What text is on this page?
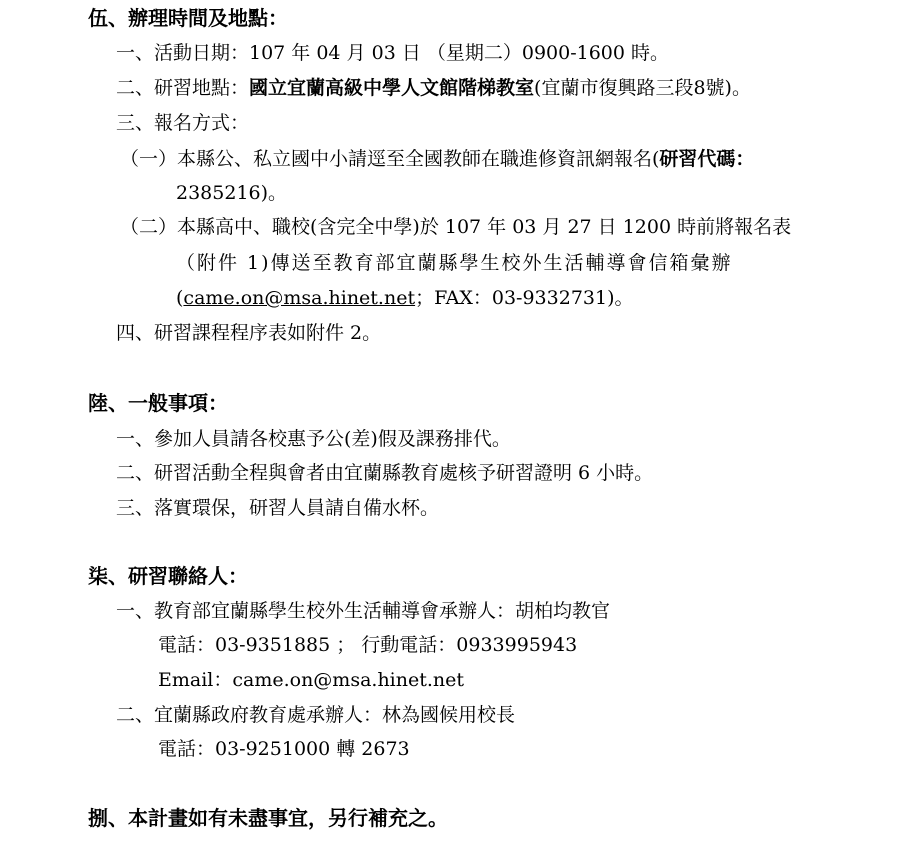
伍、辦理時間及地點：
一、活動日期：107 年 04 月 03 日 （星期二）0900-1600 時。
二、研習地點：國立宜蘭高級中學人文館階梯教室(宜蘭市復興路三段8號)。
三、報名方式：
（一）本縣公、私立國中小請逕至全國教師在職進修資訊網報名(研習代碼：
2385216)。
（二）本縣高中、職校(含完全中學)於 107 年 03 月 27 日 1200 時前將報名表
（附件 1)傳送至教育部宜蘭縣學生校外生活輔導會信箱彙辦
(came.on@msa.hinet.net；FAX：03-9332731)。
四、研習課程程序表如附件 2。
陸、一般事項：
一、參加人員請各校惠予公(差)假及課務排代。
二、研習活動全程與會者由宜蘭縣教育處核予研習證明 6 小時。
三、落實環保，研習人員請自備水杯。
柒、研習聯絡人：
一、教育部宜蘭縣學生校外生活輔導會承辦人：胡柏均教官
電話：03-9351885 ； 行動電話：0933995943
Email：came.on@msa.hinet.net
二、宜蘭縣政府教育處承辦人：林為國候用校長
電話：03-9251000 轉 2673
捌、本計畫如有未盡事宜，另行補充之。
